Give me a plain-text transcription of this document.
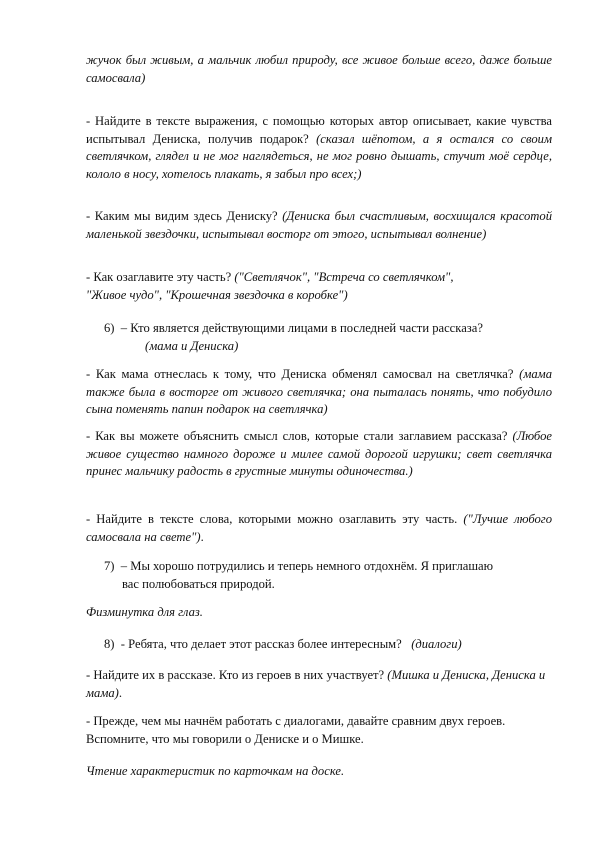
жучок был живым, а мальчик любил природу, все живое больше всего, даже больше самосвала)

- Найдите в тексте выражения, с помощью которых автор описывает, какие чувства испытывал Дениска, получив подарок? (сказал шёпотом, а я остался со своим светлячком, глядел и не мог наглядеться, не мог ровно дышать, стучит моё сердце, кололо в носу, хотелось плакать, я забыл про всех;)

- Каким мы видим здесь Дениску? (Дениска был счастливым, восхищался красотой маленькой звездочки, испытывал восторг от этого, испытывал волнение)

- Как озаглавите эту часть? ("Светлячок", "Встреча со светлячком",
"Живое чудо", "Крошечная звездочка в коробке")

6) – Кто является действующими лицами в последней части рассказа?
(мама и Дениска)

- Как мама отнеслась к тому, что Дениска обменял самосвал на светлячка? (мама также была в восторге от живого светлячка; она пыталась понять, что побудило сына поменять папин подарок на светлячка)

- Как вы можете объяснить смысл слов, которые стали заглавием рассказа? (Любое живое существо намного дороже и милее самой дорогой игрушки; свет светлячка принес мальчику радость в грустные минуты одиночества.)

- Найдите в тексте слова, которыми можно озаглавить эту часть. ("Лучше любого самосвала на свете").

7) – Мы хорошо потрудились и теперь немного отдохнём. Я приглашаю
вас полюбоваться природой.

Физминутка для глаз.

8) - Ребята, что делает этот рассказ более интересным? (диалоги)

- Найдите их в рассказе. Кто из героев в них участвует? (Мишка и Дениска, Дениска и мама).

- Прежде, чем мы начнём работать с диалогами, давайте сравним двух героев. Вспомните, что мы говорили о Дениске и о Мишке.

Чтение характеристик по карточкам на доске.
